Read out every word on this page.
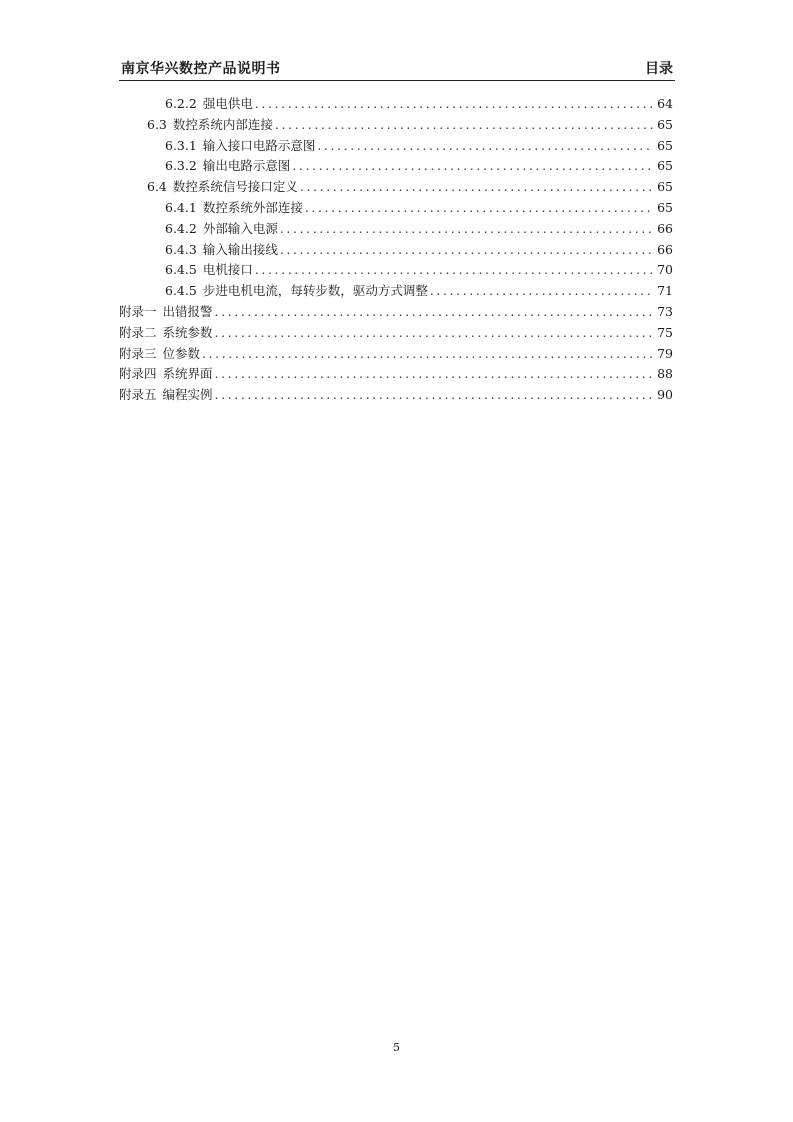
南京华兴数控产品说明书	目录
6.2.2 强电供电 .....	64
6.3 数控系统内部连接 .....	65
6.3.1 输入接口电路示意图 .....	65
6.3.2 输出电路示意图 .....	65
6.4 数控系统信号接口定义 .....	65
6.4.1 数控系统外部连接 .....	65
6.4.2 外部输入电源 .....	66
6.4.3 输入输出接线 .....	66
6.4.5 电机接口 .....	70
6.4.5 步进电机电流，每转步数，驱动方式调整 .....	71
附录一 出错报警 .....	73
附录二 系统参数 .....	75
附录三 位参数 .....	79
附录四 系统界面 .....	88
附录五 编程实例 .....	90
5
